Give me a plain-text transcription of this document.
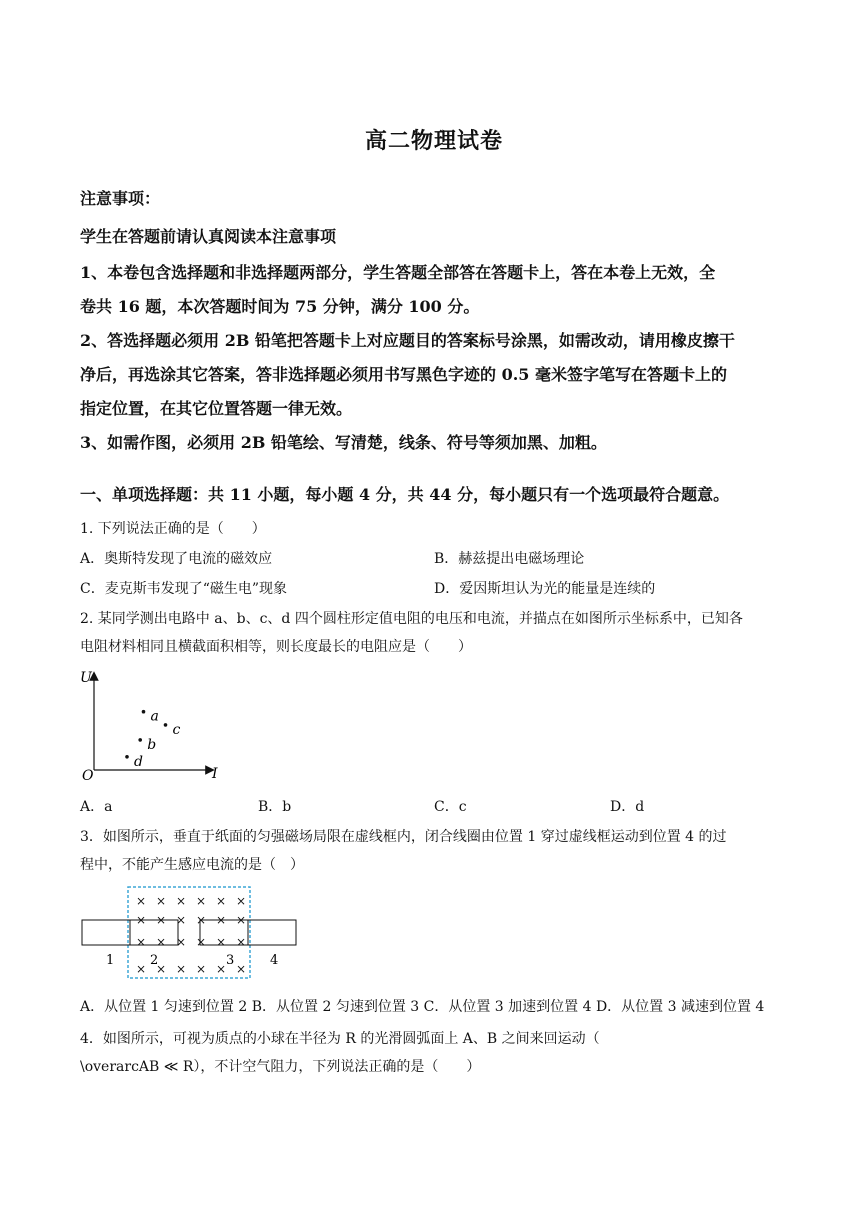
高二物理试卷
注意事项：
学生在答题前请认真阅读本注意事项
1、本卷包含选择题和非选择题两部分，学生答题全部答在答题卡上，答在本卷上无效，全
卷共 16 题，本次答题时间为 75 分钟，满分 100 分。
2、答选择题必须用 2B 铅笔把答题卡上对应题目的答案标号涂黑，如需改动，请用橡皮擦干
净后，再选涂其它答案，答非选择题必须用书写黑色字迹的 0.5 毫米签字笔写在答题卡上的
指定位置，在其它位置答题一律无效。
3、如需作图，必须用 2B 铅笔绘、写清楚，线条、符号等须加黑、加粗。
一、单项选择题：共 11 小题，每小题 4 分，共 44 分，每小题只有一个选项最符合题意。
1. 下列说法正确的是（　　）
A．奥斯特发现了电流的磁效应	B．赫兹提出电磁场理论
C．麦克斯韦发现了“磁生电”现象	D．爱因斯坦认为光的能量是连续的
2. 某同学测出电路中 a、b、c、d 四个圆柱形定值电阻的电压和电流，并描点在如图所示坐标系中，已知各
电阻材料相同且横截面积相等，则长度最长的电阻应是（　　）
U
I
O
a
c
b
d
A．a	B．b	C．c	D．d
3．如图所示，垂直于纸面的匀强磁场局限在虚线框内，闭合线圈由位置 1 穿过虚线框运动到位置 4 的过
程中，不能产生感应电流的是（　）
× × × × × ×
× × × × × ×
× × × × × ×
× × × × × ×
1	2	3	4
A．从位置 1 匀速到位置 2 B．从位置 2 匀速到位置 3 C．从位置 3 加速到位置 4 D．从位置 3 减速到位置 4
4．如图所示，可视为质点的小球在半径为 R 的光滑圆弧面上 A、B 之间来回运动（
\overarcAB ≪ R），不计空气阻力，下列说法正确的是（　　）
